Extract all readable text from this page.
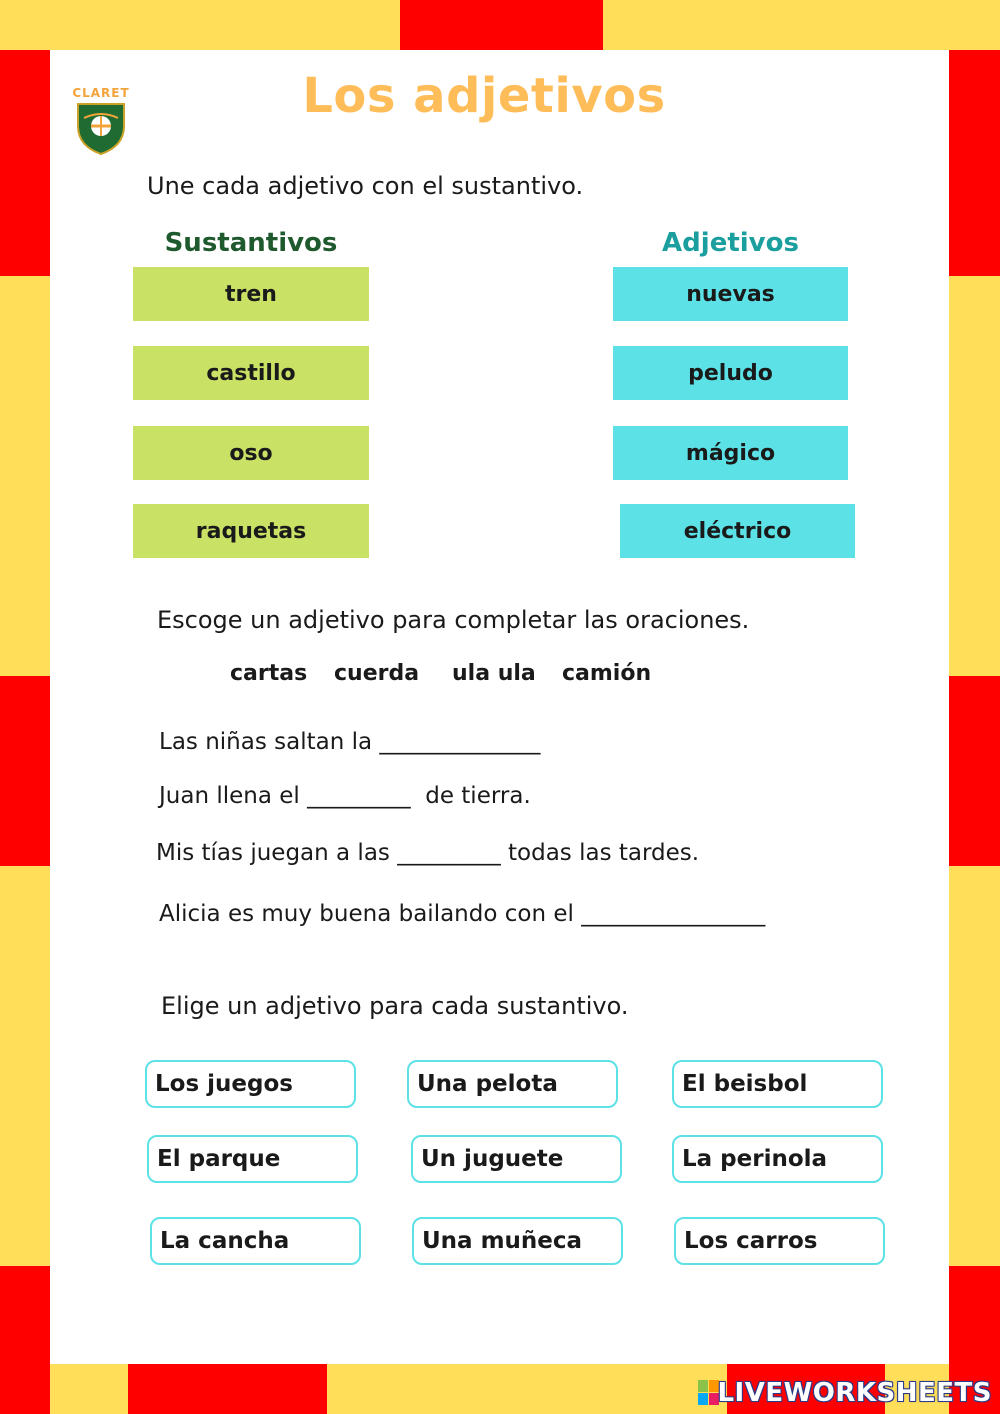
CLARET	Los adjetivos
Une cada adjetivo con el sustantivo.
Sustantivos	Adjetivos
tren
castillo
oso
raquetas
nuevas
peludo
mágico
eléctrico
Escoge un adjetivo para completar las oraciones.
cartas cuerda ula ula camión
Las niñas saltan la ______________
Juan llena el _________  de tierra.
Mis tías juegan a las _________ todas las tardes.
Alicia es muy buena bailando con el ________________
Elige un adjetivo para cada sustantivo.
Los juegos	Una pelota	El beisbol
El parque	Un juguete	La perinola
La cancha	Una muñeca	Los carros
LIVEWORKSHEETS
